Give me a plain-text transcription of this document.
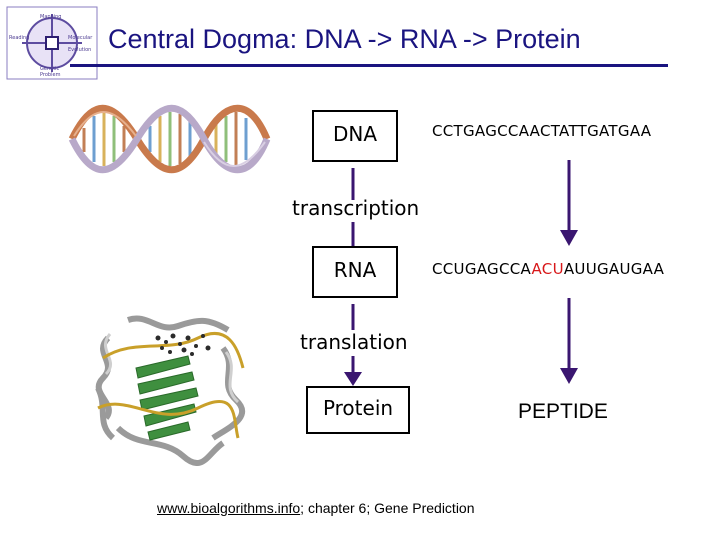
Mapping
Reading	Molecular
Evolution
Genetic
Problem
Central Dogma: DNA -> RNA -> Protein
DNA
transcription
RNA
translation
Protein
CCTGAGCCAACTATTGATGAA
CCUGAGCCAACUAUUGAUGAA
PEPTIDE
www.bioalgorithms.info; chapter 6; Gene Prediction
